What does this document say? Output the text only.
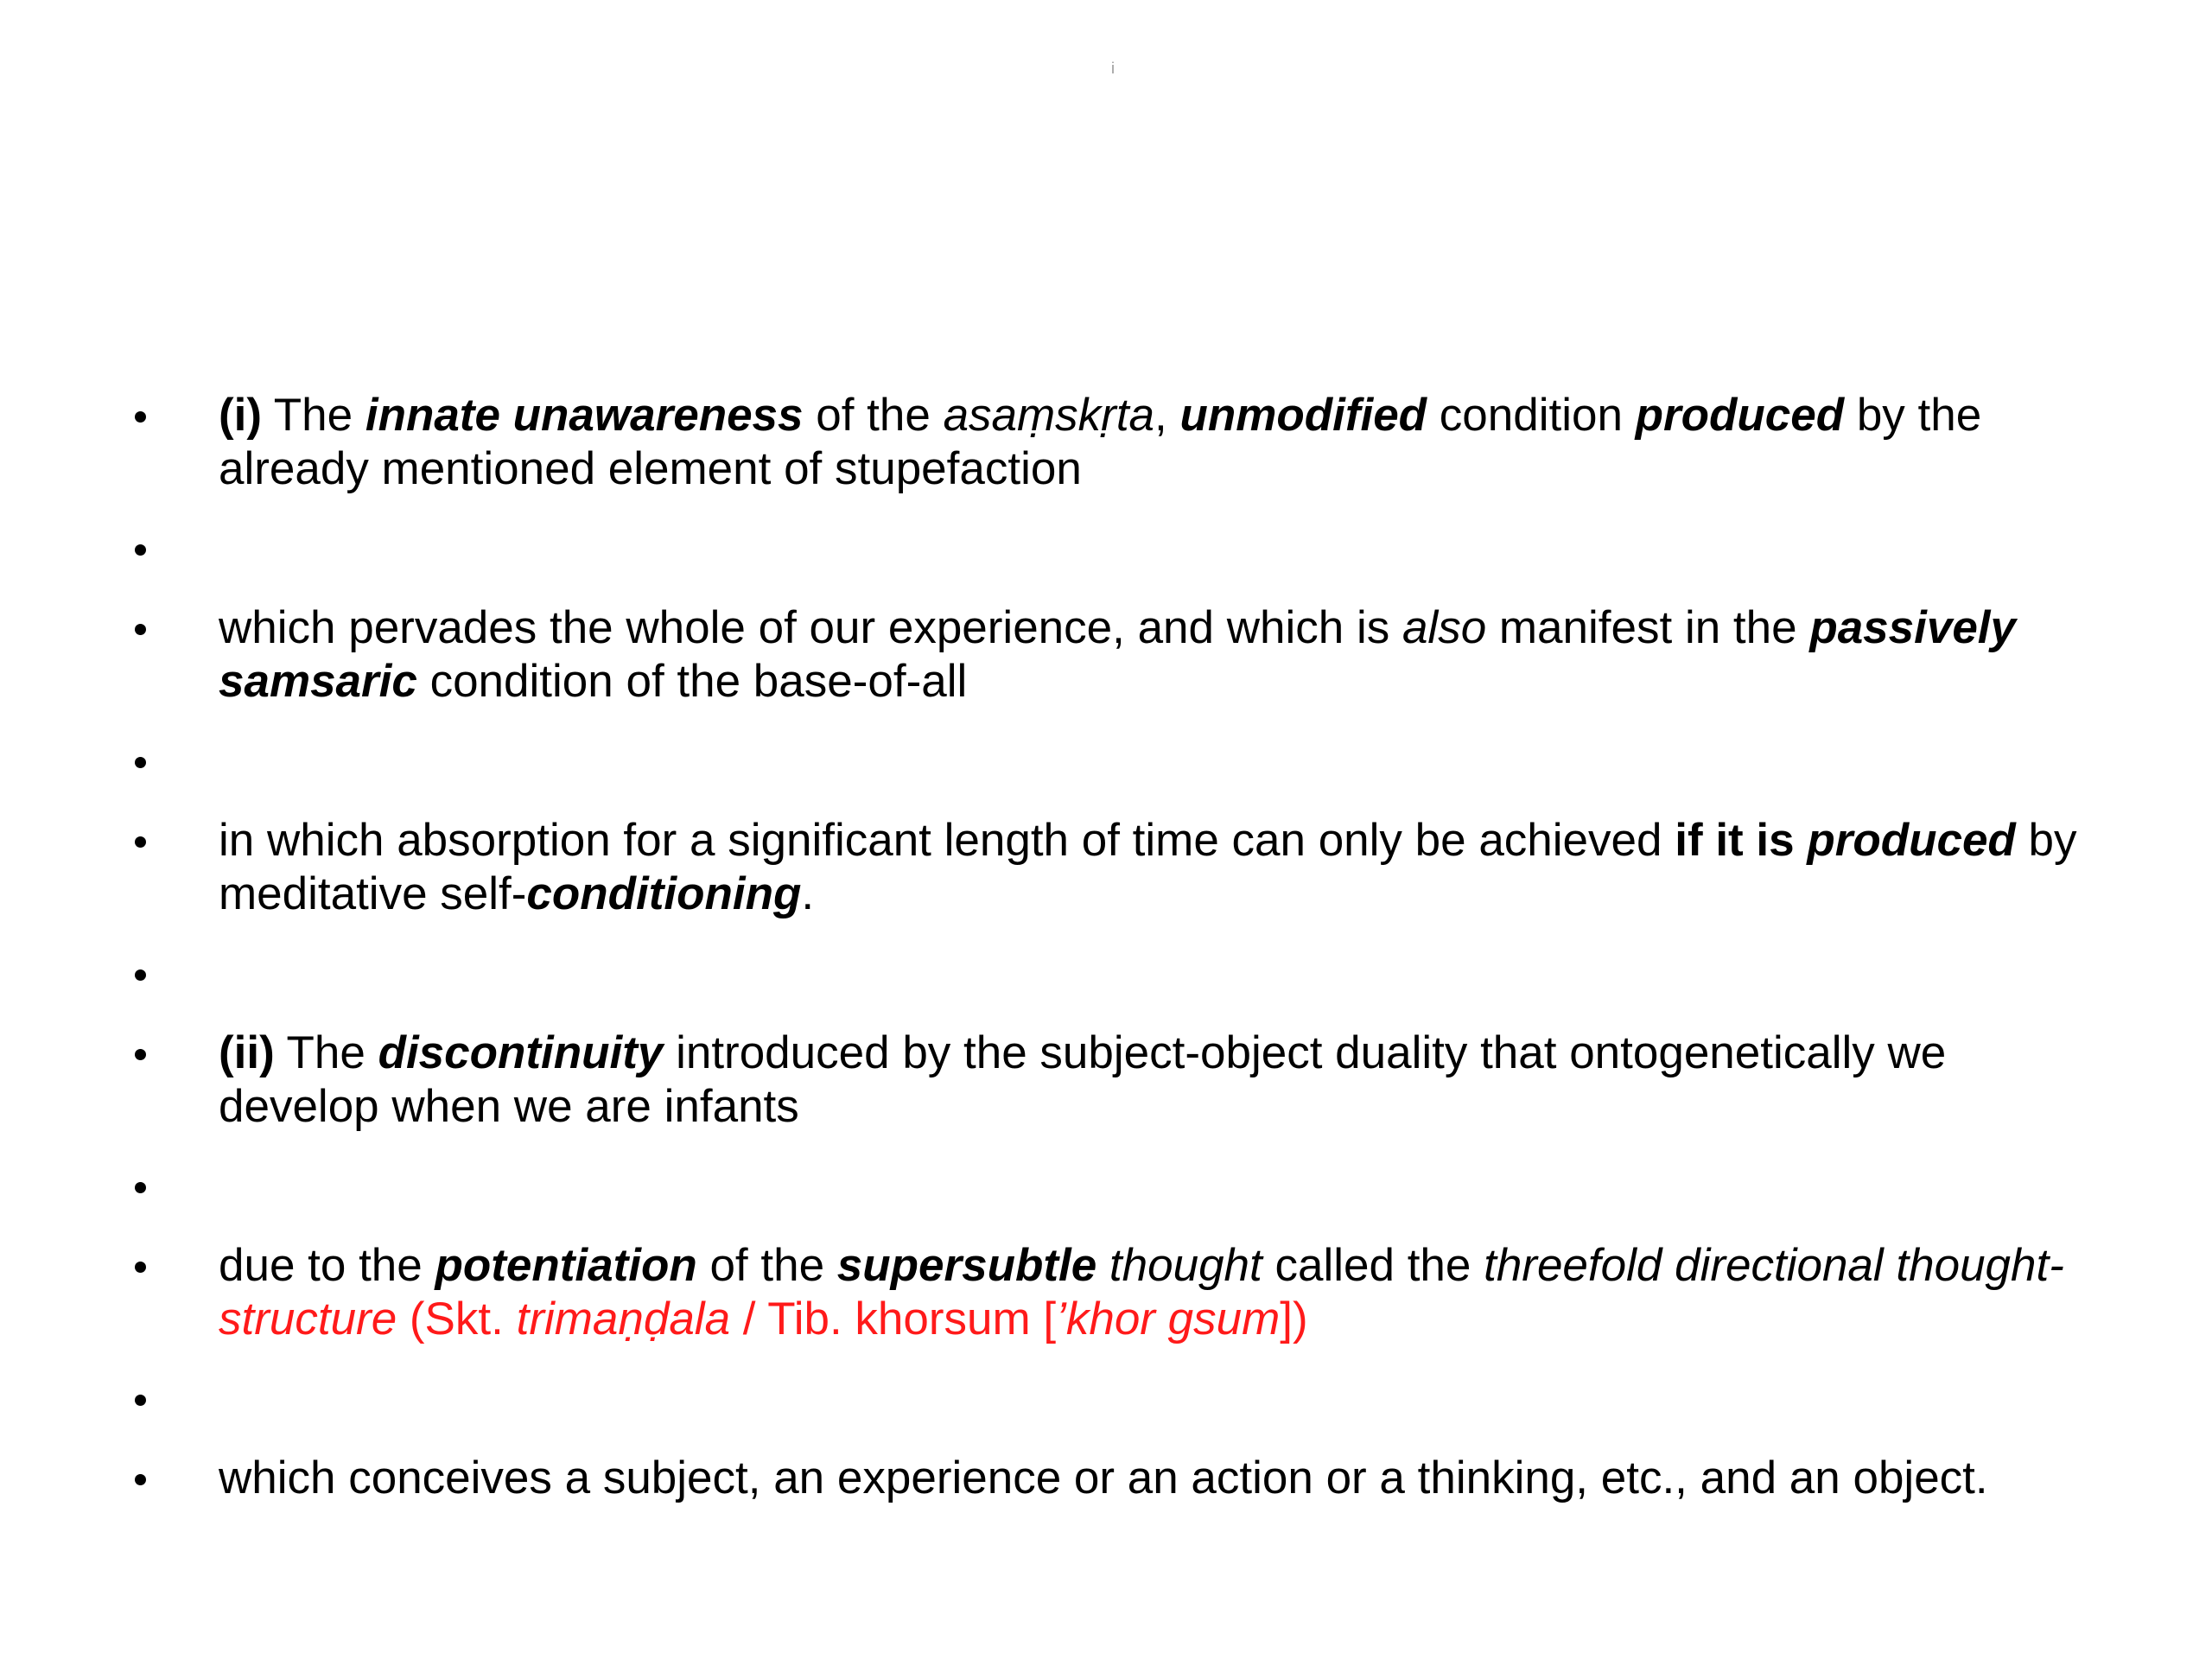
i
(i) The innate unawareness of the asaṃskṛta, unmodified condition produced by the already mentioned element of stupefaction
which pervades the whole of our experience, and which is also manifest in the passively samsaric condition of the base-of-all
in which absorption for a significant length of time can only be achieved if it is produced by meditative self-conditioning.
(ii) The discontinuity introduced by the subject-object duality that ontogenetically we develop when we are infants
due to the potentiation of the supersubtle thought called the threefold directional thought-structure (Skt. trimaṇḍala / Tib. khorsum [’khor gsum])
which conceives a subject, an experience or an action or a thinking, etc., and an object.
